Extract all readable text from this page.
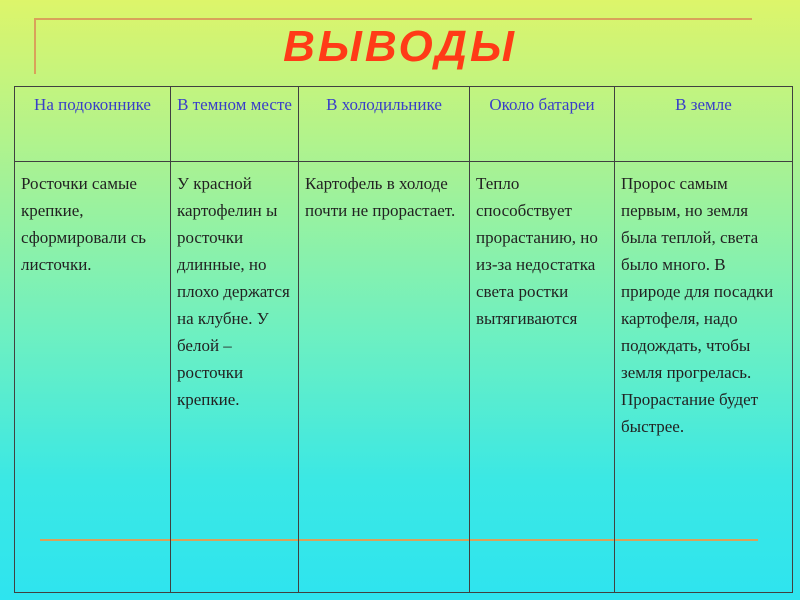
ВЫВОДЫ
На подоконнике	В темном месте	В холодильнике	Около батареи	В земле
Росточки самые крепкие, сформировали сь листочки.	У красной картофелин ы росточки длинные, но плохо держатся на клубне. У белой – росточки крепкие.	Картофель в холоде почти не прорастает.	Тепло способствует прорастанию, но из-за недостатка света ростки вытягиваются	Пророс самым первым, но земля была теплой, света было много. В природе для посадки картофеля, надо подождать, чтобы земля прогрелась. Прорастание будет быстрее.
